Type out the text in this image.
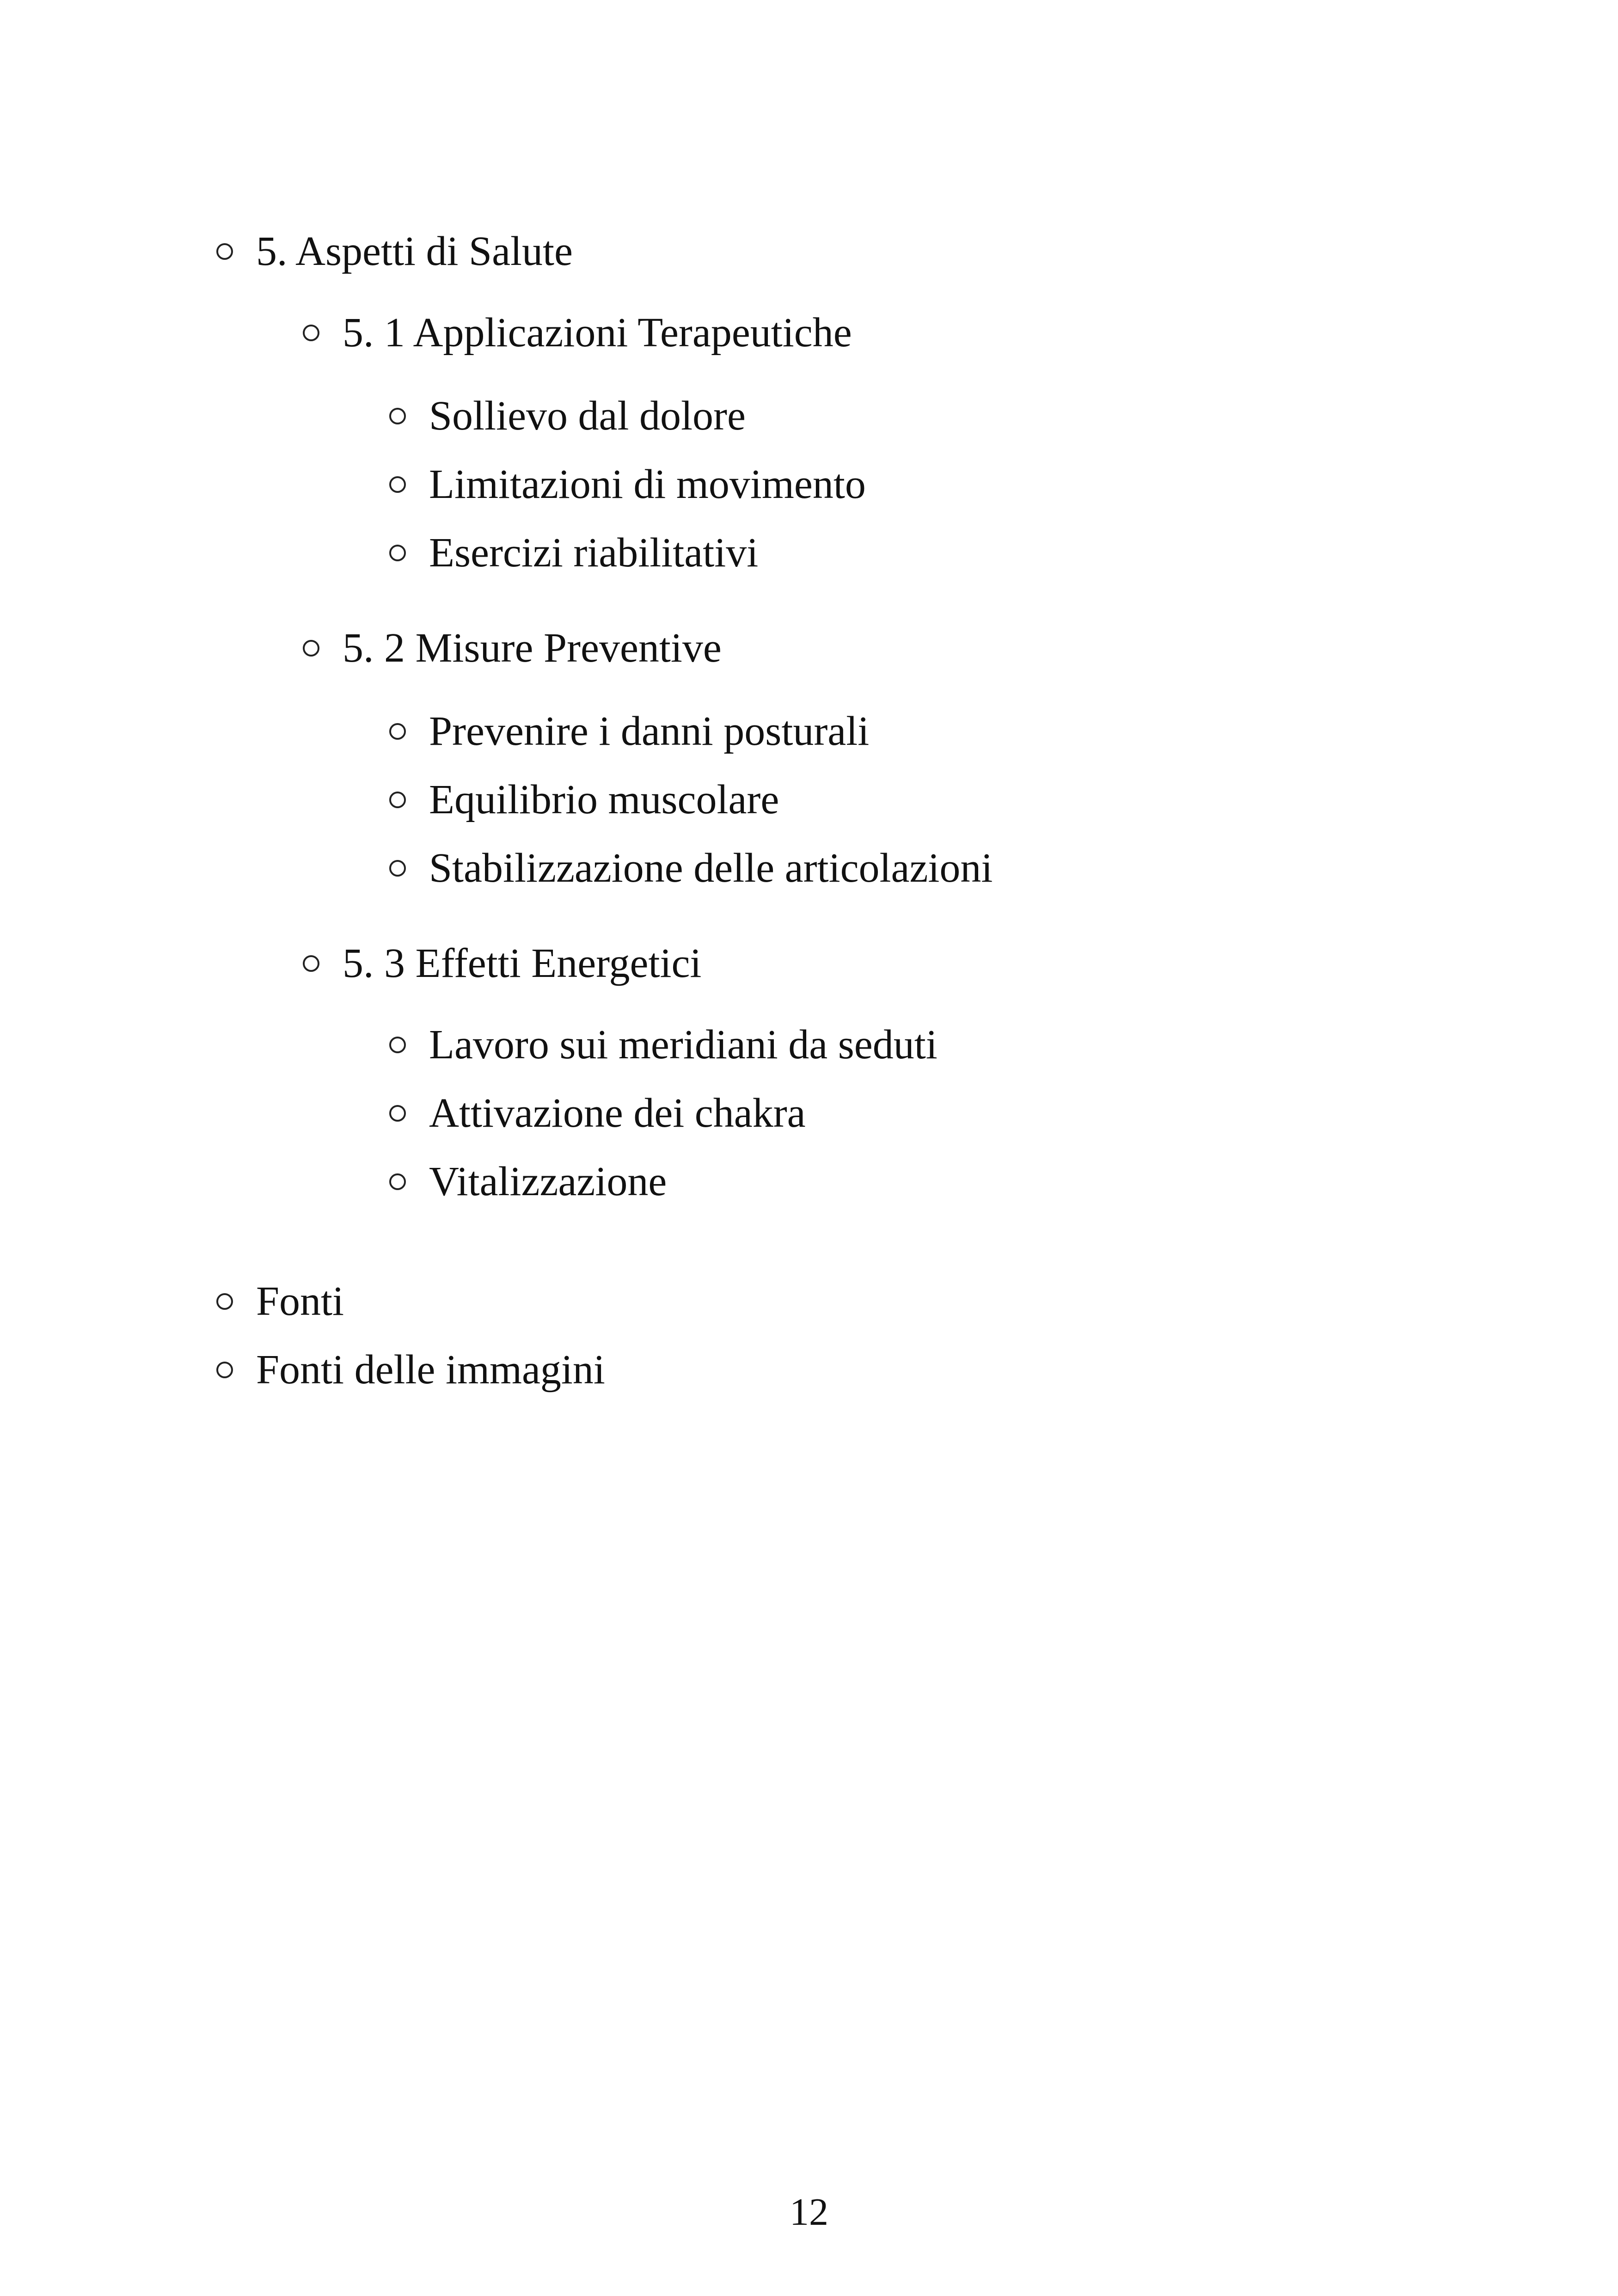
5. Aspetti di Salute
5. 1 Applicazioni Terapeutiche
Sollievo dal dolore
Limitazioni di movimento
Esercizi riabilitativi
5. 2 Misure Preventive
Prevenire i danni posturali
Equilibrio muscolare
Stabilizzazione delle articolazioni
5. 3 Effetti Energetici
Lavoro sui meridiani da seduti
Attivazione dei chakra
Vitalizzazione
Fonti
Fonti delle immagini
12
